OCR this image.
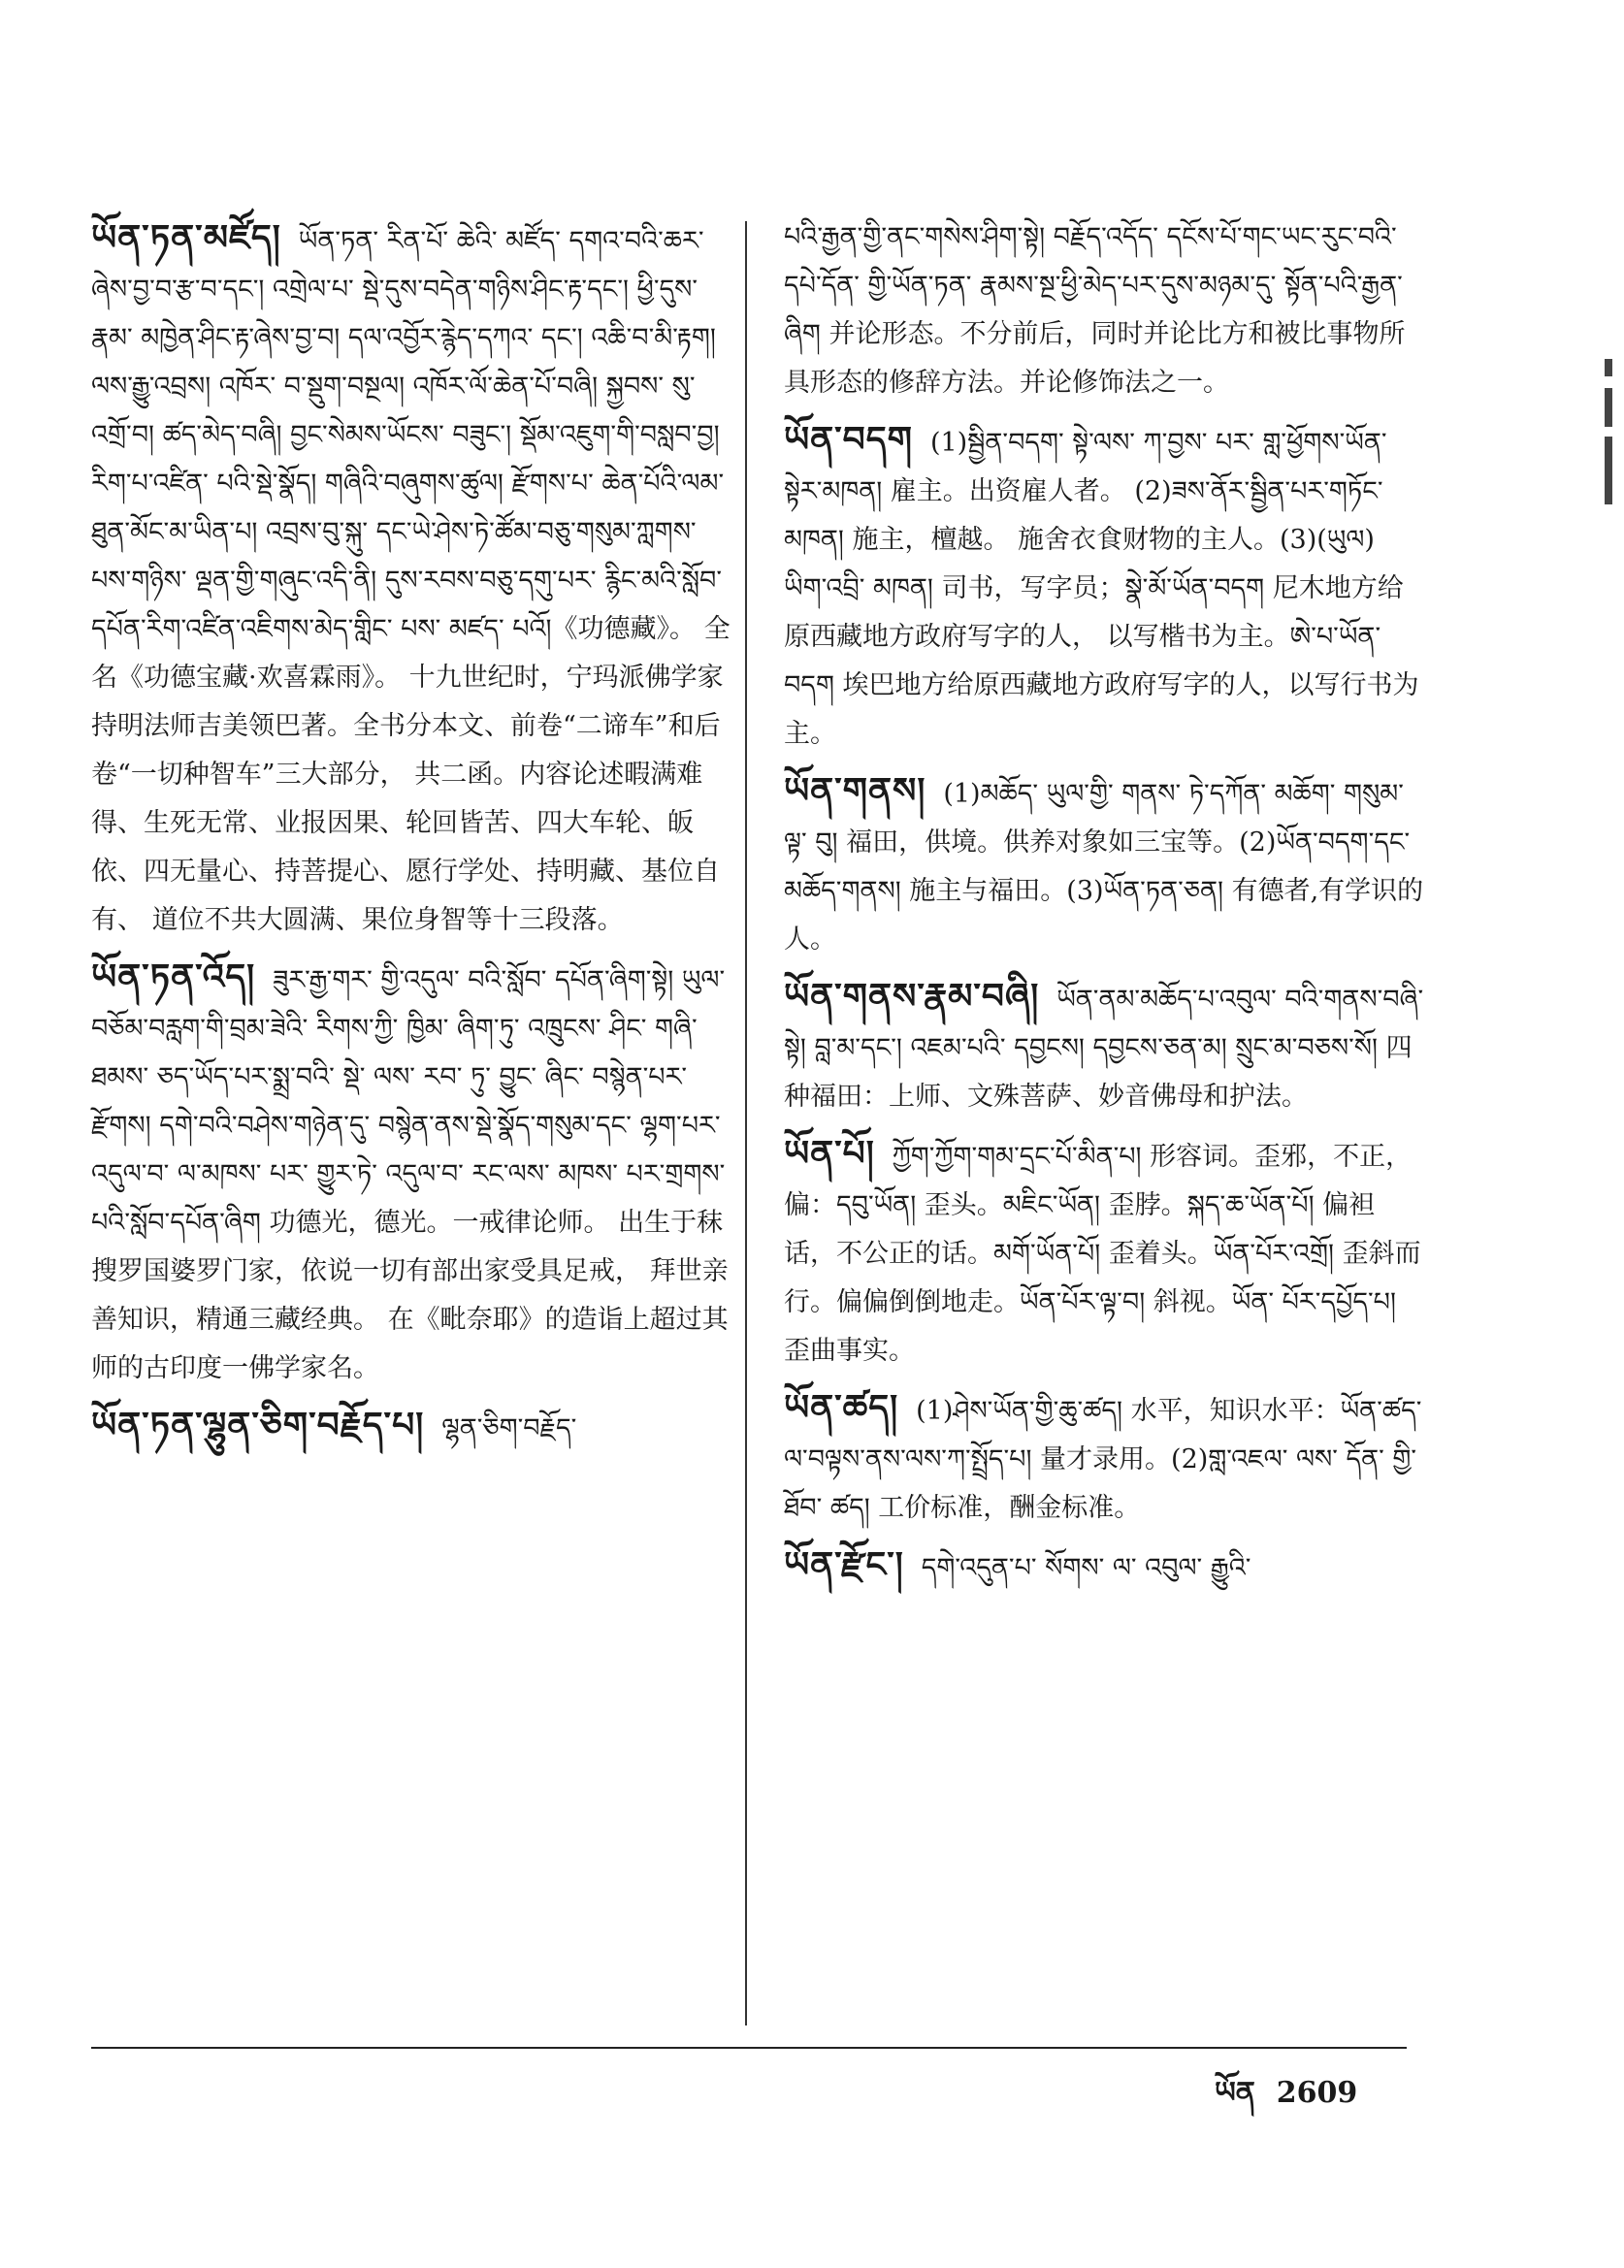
ཡོན་ཏན་མཛོད། ཡོན་ཏན་ རིན་པོ་ ཆེའི་ མཛོད་ དགའ་བའི་ཆར་ཞེས་བྱ་བ་རྩ་བ་དང་། འགྲེལ་པ་ སྡེ་དུས་བདེན་གཉིས་ཤིང་རྟ་དང་། ཕྱི་དུས་རྣམ་ མཁྱེན་ཤིང་རྟ་ཞེས་བྱ་བ། དལ་འབྱོར་རྙེད་དཀའ་ དང་། འཆི་བ་མི་རྟག། ལས་རྒྱུ་འབྲས། འཁོར་ བ་སྡུག་བསྔལ། འཁོར་ལོ་ཆེན་པོ་བཞི། སྐྱབས་ སུ་འགྲོ་བ། ཚད་མེད་བཞི། བྱང་སེམས་ཡོངས་ བཟུང་། སྡོམ་འཇུག་གི་བསླབ་བྱ། རིག་པ་འཛིན་ པའི་སྡེ་སྣོད། གཞིའི་བཞུགས་ཚུལ། རྫོགས་པ་ ཆེན་པོའི་ལམ་ཐུན་མོང་མ་ཡིན་པ། འབྲས་བུ་སྐུ་ དང་ཡེ་ཤེས་ཏེ་ཚོམ་བཅུ་གསུམ་ཀླགས་པས་གཉིས་ ལྡན་གྱི་གཞུང་འདི་ནི། དུས་རབས་བཅུ་དགུ་པར་ རྙིང་མའི་སློབ་དཔོན་རིག་འཛིན་འཇིགས་མེད་གླིང་ པས་ མཛད་ པའོ།《功德藏》。 全名《功德宝藏·欢喜霖雨》。 十九世纪时，宁玛派佛学家持明法师吉美领巴著。全书分本文、前卷“二谛车”和后卷“一切种智车”三大部分， 共二函。内容论述暇满难得、生死无常、业报因果、轮回皆苦、四大车轮、皈依、四无量心、持菩提心、愿行学处、持明藏、基位自有、 道位不共大圆满、果位身智等十三段落。
ཡོན་ཏན་འོད། ཟུར་རྒྱ་གར་ གྱི་འདུལ་ བའི་སློབ་ དཔོན་ཞིག་སྟེ། ཡུལ་བཅོམ་བརླག་གི་བྲམ་ཟེའི་ རིགས་ཀྱི་ ཁྱིམ་ ཞིག་ཏུ་ འཁྲུངས་ ཤིང་ གཞི་ ཐམས་ ཅད་ཡོད་པར་སྨྲ་བའི་ སྡེ་ ལས་ རབ་ ཏུ་ བྱུང་ ཞིང་ བསྙེན་པར་རྫོགས། དགེ་བའི་བཤེས་གཉེན་དུ་ བསྙེན་ནས་སྡེ་སྣོད་གསུམ་དང་ ལྷག་པར་ འདུལ་བ་ ལ་མཁས་ པར་ གྱུར་ཏེ་ འདུལ་བ་ རང་ལས་ མཁས་ པར་གྲགས་པའི་སློབ་དཔོན་ཞིག 功德光，德光。一戒律论师。 出生于秣搜罗国婆罗门家，依说一切有部出家受具足戒， 拜世亲善知识，精通三藏经典。 在《毗奈耶》的造诣上超过其师的古印度一佛学家名。
ཡོན་ཏན་ལྷུན་ཅིག་བརྗོད་པ། ལྷན་ཅིག་བརྗོད་
པའི་རྒྱན་གྱི་ནང་གསེས་ཤིག་སྟེ། བརྗོད་འདོད་ དངོས་པོ་གང་ཡང་རུང་བའི་དཔེ་དོན་ གྱི་ཡོན་ཏན་ རྣམས་སྔ་ཕྱི་མེད་པར་དུས་མཉམ་དུ་ སྟོན་པའི་རྒྱན་ ཞིག 并论形态。不分前后，同时并论比方和被比事物所具形态的修辞方法。并论修饰法之一。
ཡོན་བདག (1)སྦྱིན་བདག་ སྟེ་ལས་ ཀ་བྱས་ པར་ གླ་ཕྱོགས་ཡོན་སྟེར་མཁན། 雇主。出资雇人者。 (2)ཟས་ནོར་སྦྱིན་པར་གཏོང་མཁན། 施主，檀越。 施舍衣食财物的主人。(3)(ཡུལ) ཡིག་འབྲི་ མཁན། 司书，写字员；སྣེ་མོ་ཡོན་བདག 尼木地方给原西藏地方政府写字的人， 以写楷书为主。ཨེ་པ་ཡོན་ བདག 埃巴地方给原西藏地方政府写字的人，以写行书为主。
ཡོན་གནས། (1)མཆོད་ ཡུལ་གྱི་ གནས་ ཏེ་དཀོན་ མཆོག་ གསུམ་ ལྟ་ བུ། 福田，供境。供养对象如三宝等。(2)ཡོན་བདག་དང་མཆོད་གནས། 施主与福田。(3)ཡོན་ཏན་ཅན། 有德者,有学识的人。
ཡོན་གནས་རྣམ་བཞི། ཡོན་ནམ་མཆོད་པ་འབུལ་ བའི་གནས་བཞི་སྟེ། བླ་མ་དང་། འཇམ་པའི་ དབྱངས། དབྱངས་ཅན་མ། སྲུང་མ་བཅས་སོ། 四种福田：上师、文殊菩萨、妙音佛母和护法。
ཡོན་པོ། ཀྱོག་ཀྱོག་གམ་དྲང་པོ་མིན་པ། 形容词。歪邪，不正，偏：དབུ་ཡོན། 歪头。མཇིང་ཡོན། 歪脖。སྐད་ཆ་ཡོན་པོ། 偏袒话，不公正的话。མགོ་ཡོན་པོ། 歪着头。ཡོན་པོར་འགྲོ། 歪斜而行。偏偏倒倒地走。ཡོན་པོར་ལྟ་བ། 斜视。ཡོན་ པོར་དཔྱོད་པ། 歪曲事实。
ཡོན་ཚད། (1)ཤེས་ཡོན་གྱི་ཆུ་ཚད། 水平，知识水平：ཡོན་ཚད་ལ་བལྟས་ནས་ལས་ཀ་སྤྲོད་པ། 量才录用。(2)གླ་འཇལ་ ལས་ དོན་ གྱི་ ཐོབ་ ཚད། 工价标准，酬金标准。
ཡོན་རྫོང་། དགེ་འདུན་པ་ སོགས་ ལ་ འབུལ་ རྒྱུའི་
ཡོན 2609
